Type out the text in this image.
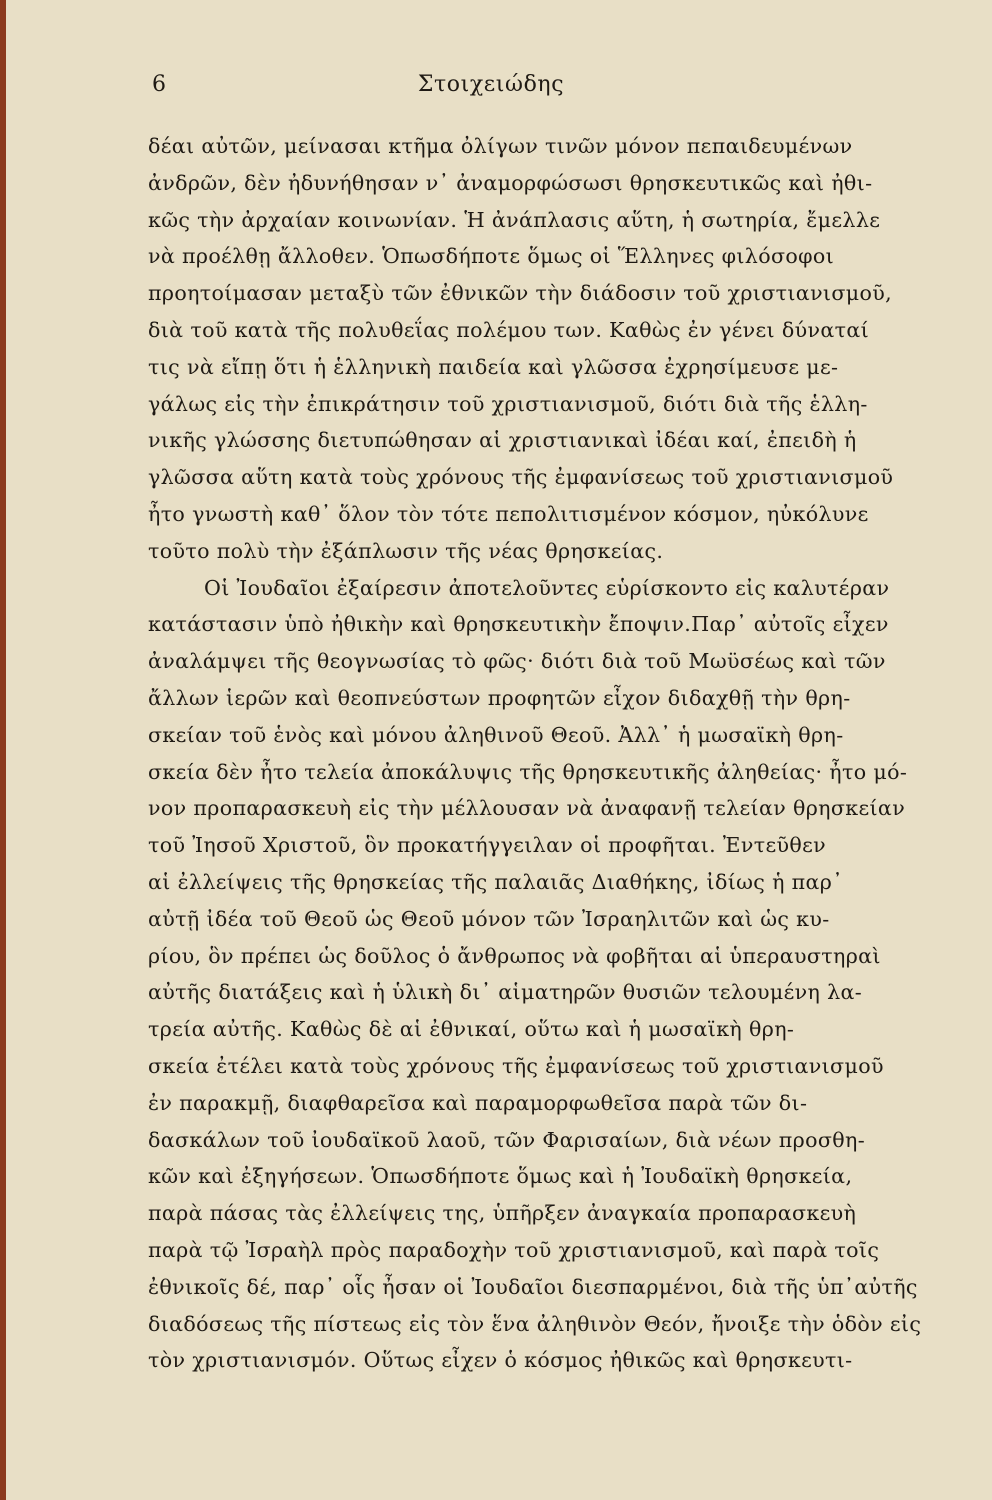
6	Στοιχειώδης
δέαι αὐτῶν, μείνασαι κτῆμα ὀλίγων τινῶν μόνον πεπαιδευμένων
ἀνδρῶν, δὲν ἠδυνήθησαν ν᾿ ἀναμορφώσωσι θρησκευτικῶς καὶ ἠθι-
κῶς τὴν ἀρχαίαν κοινωνίαν. Ἡ ἀνάπλασις αὕτη, ἡ σωτηρία, ἔμελλε
νὰ προέλθῃ ἄλλοθεν. Ὁπωσδήποτε ὅμως οἱ Ἕλληνες φιλόσοφοι
προητοίμασαν μεταξὺ τῶν ἐθνικῶν τὴν διάδοσιν τοῦ χριστιανισμοῦ,
διὰ τοῦ κατὰ τῆς πολυθεΐας πολέμου των. Καθὼς ἐν γένει δύναταί
τις νὰ εἴπῃ ὅτι ἡ ἑλληνικὴ παιδεία καὶ γλῶσσα ἐχρησίμευσε με-
γάλως εἰς τὴν ἐπικράτησιν τοῦ χριστιανισμοῦ, διότι διὰ τῆς ἑλλη-
νικῆς γλώσσης διετυπώθησαν αἱ χριστιανικαὶ ἰδέαι καί, ἐπειδὴ ἡ
γλῶσσα αὕτη κατὰ τοὺς χρόνους τῆς ἐμφανίσεως τοῦ χριστιανισμοῦ
ἦτο γνωστὴ καθ᾿ ὅλον τὸν τότε πεπολιτισμένον κόσμον, ηὐκόλυνε
τοῦτο πολὺ τὴν ἐξάπλωσιν τῆς νέας θρησκείας.
Οἱ Ἰουδαῖοι ἐξαίρεσιν ἀποτελοῦντες εὑρίσκοντο εἰς καλυτέραν
κατάστασιν ὑπὸ ἠθικὴν καὶ θρησκευτικὴν ἔποψιν.Παρ᾿ αὐτοῖς εἶχεν
ἀναλάμψει τῆς θεογνωσίας τὸ φῶς· διότι διὰ τοῦ Μωϋσέως καὶ τῶν
ἄλλων ἱερῶν καὶ θεοπνεύστων προφητῶν εἶχον διδαχθῇ τὴν θρη-
σκείαν τοῦ ἑνὸς καὶ μόνου ἀληθινοῦ Θεοῦ. Ἀλλ᾿ ἡ μωσαϊκὴ θρη-
σκεία δὲν ἦτο τελεία ἀποκάλυψις τῆς θρησκευτικῆς ἀληθείας· ἦτο μό-
νον προπαρασκευὴ εἰς τὴν μέλλουσαν νὰ ἀναφανῇ τελείαν θρησκείαν
τοῦ Ἰησοῦ Χριστοῦ, ὃν προκατήγγειλαν οἱ προφῆται. Ἐντεῦθεν
αἱ ἐλλείψεις τῆς θρησκείας τῆς παλαιᾶς Διαθήκης, ἰδίως ἡ παρ᾿
αὐτῇ ἰδέα τοῦ Θεοῦ ὡς Θεοῦ μόνον τῶν Ἰσραηλιτῶν καὶ ὡς κυ-
ρίου, ὃν πρέπει ὡς δοῦλος ὁ ἄνθρωπος νὰ φοβῆται αἱ ὑπεραυστηραὶ
αὐτῆς διατάξεις καὶ ἡ ὑλικὴ δι᾿ αἱματηρῶν θυσιῶν τελουμένη λα-
τρεία αὐτῆς. Καθὼς δὲ αἱ ἐθνικαί, οὕτω καὶ ἡ μωσαϊκὴ θρη-
σκεία ἐτέλει κατὰ τοὺς χρόνους τῆς ἐμφανίσεως τοῦ χριστιανισμοῦ
ἐν παρακμῇ, διαφθαρεῖσα καὶ παραμορφωθεῖσα παρὰ τῶν δι-
δασκάλων τοῦ ἰουδαϊκοῦ λαοῦ, τῶν Φαρισαίων, διὰ νέων προσθη-
κῶν καὶ ἐξηγήσεων. Ὁπωσδήποτε ὅμως καὶ ἡ Ἰουδαϊκὴ θρησκεία,
παρὰ πάσας τὰς ἐλλείψεις της, ὑπῆρξεν ἀναγκαία προπαρασκευὴ
παρὰ τῷ Ἰσραὴλ πρὸς παραδοχὴν τοῦ χριστιανισμοῦ, καὶ παρὰ τοῖς
ἐθνικοῖς δέ, παρ᾿ οἷς ἦσαν οἱ Ἰουδαῖοι διεσπαρμένοι, διὰ τῆς ὑπ᾿αὐτῆς
διαδόσεως τῆς πίστεως εἰς τὸν ἕνα ἀληθινὸν Θεόν, ἤνοιξε τὴν ὁδὸν εἰς
τὸν χριστιανισμόν. Οὕτως εἶχεν ὁ κόσμος ἠθικῶς καὶ θρησκευτι-
